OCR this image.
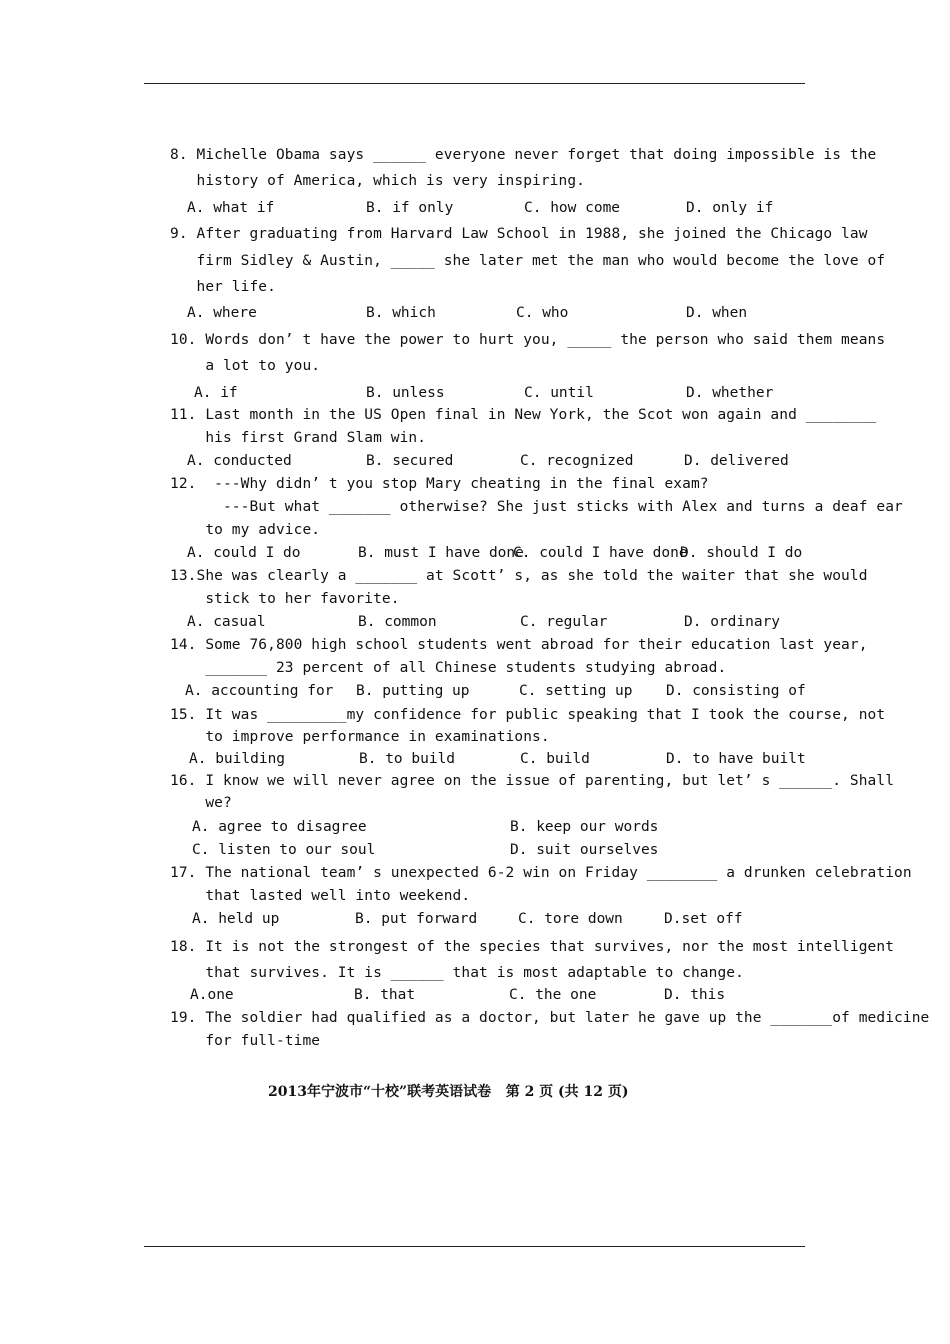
8. Michelle Obama says ______ everyone never forget that doing impossible is the
history of America, which is very inspiring.
A. what if	B. if only	C. how come	D. only if
9. After graduating from Harvard Law School in 1988, she joined the Chicago law
firm Sidley & Austin, _____ she later met the man who would become the love of
her life.
A. where	B. which	C. who	D. when
10. Words don’ t have the power to hurt you, _____ the person who said them means
a lot to you.
A. if	B. unless	C. until	D. whether
11. Last month in the US Open final in New York, the Scot won again and ________
his first Grand Slam win.
A. conducted	B. secured	C. recognized	D. delivered
12.  ---Why didn’ t you stop Mary cheating in the final exam?
---But what _______ otherwise? She just sticks with Alex and turns a deaf ear
to my advice.
A. could I do	B. must I have done
C. could I have done
D. should I do
13.She was clearly a _______ at Scott’ s, as she told the waiter that she would
stick to her favorite.
A. casual	B. common	C. regular	D. ordinary
14. Some 76,800 high school students went abroad for their education last year,
_______ 23 percent of all Chinese students studying abroad.
A. accounting for B. putting up	C. setting up D. consisting of
15. It was _________my confidence for public speaking that I took the course, not
to improve performance in examinations.
A. building	B. to build	C. build	D. to have built
16. I know we will never agree on the issue of parenting, but let’ s ______. Shall
we?
A. agree to disagree	B. keep our words
C. listen to our soul	D. suit ourselves
17. The national team’ s unexpected 6-2 win on Friday ________ a drunken celebration
that lasted well into weekend.
A. held up	B. put forward	C. tore down	D.set off
18. It is not the strongest of the species that survives, nor the most intelligent
that survives. It is ______ that is most adaptable to change.
A.one	B. that	C. the one	D. this
19. The soldier had qualified as a doctor, but later he gave up the _______of medicine
for full-time
2013年宁波市“十校”联考英语试卷   第 2 页 (共 12 页)
